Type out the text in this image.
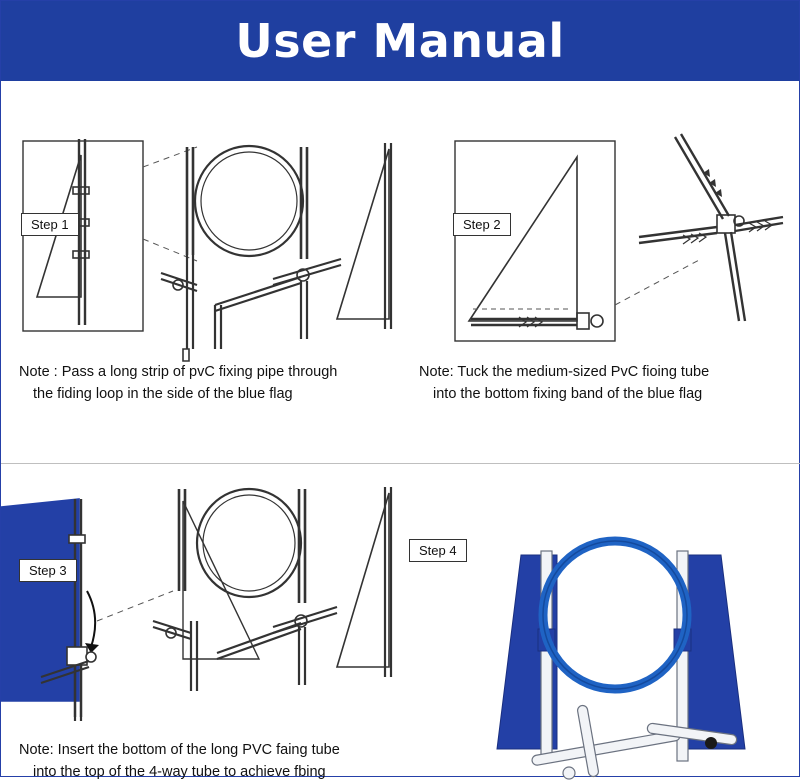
User Manual
Step 1
Note : Pass a long strip of pvC fixing pipe through
the fiding loop in the side of the blue flag
Step 2
Note: Tuck the medium-sized PvC fioing tube
into the bottom fixing band of the blue flag
Step 3
Note: Insert the bottom of the long PVC faing tube
into the top of the 4-way tube to achieve fbing
Step 4
